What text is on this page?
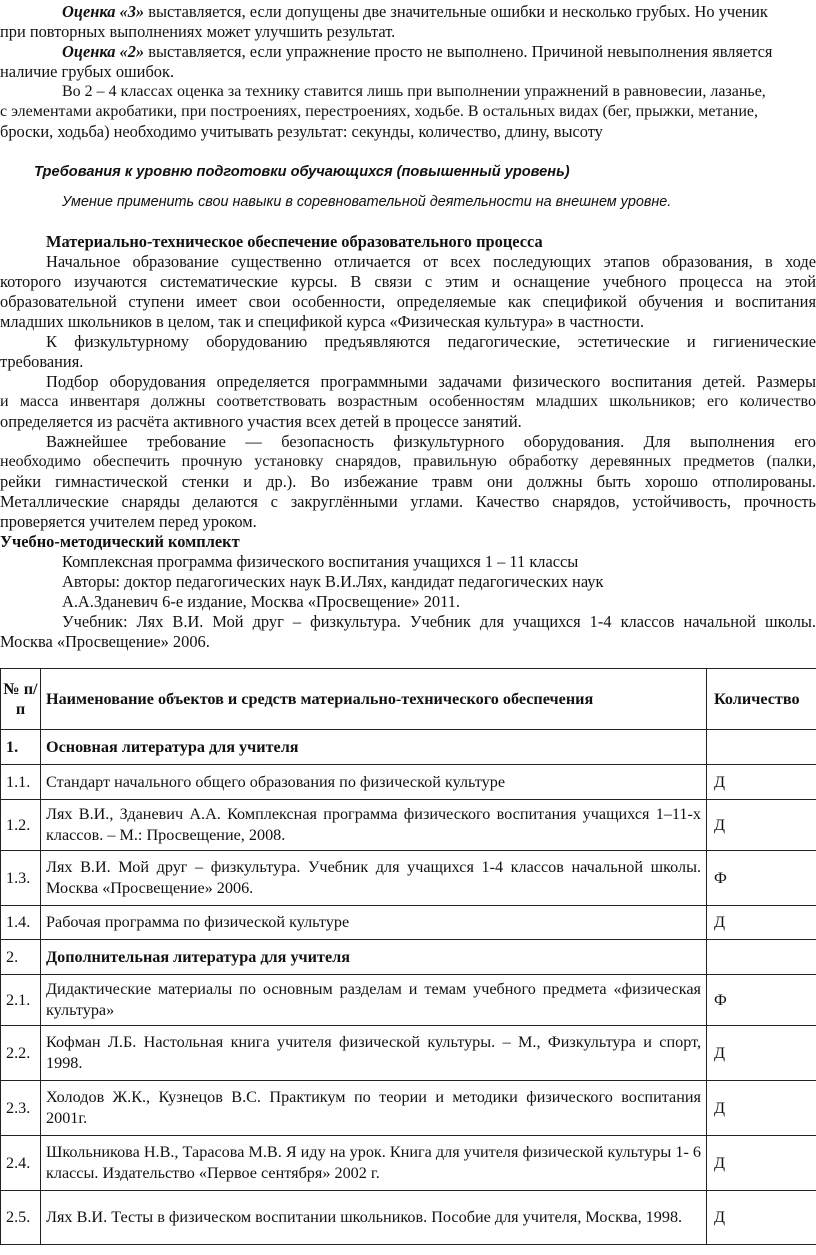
Оценка «3» выставляется, если допущены две значительные ошибки и несколько грубых. Но ученик
при повторных выполнениях может улучшить результат.
Оценка «2» выставляется, если упражнение просто не выполнено. Причиной невыполнения является
наличие грубых ошибок.
Во 2 – 4 классах оценка за технику ставится лишь при выполнении упражнений в равновесии, лазанье,
с элементами акробатики, при построениях, перестроениях, ходьбе. В остальных видах (бег, прыжки, метание,
броски, ходьба) необходимо учитывать результат: секунды, количество, длину, высоту
Требования к уровню подготовки обучающихся (повышенный уровень)
Умение применить свои навыки в соревновательной деятельности на внешнем уровне.
Материально-техническое обеспечение образовательного процесса
Начальное образование существенно отличается от всех последующих этапов образования, в ходе
которого изучаются систематические курсы. В связи с этим и оснащение учебного процесса на этой
образовательной ступени имеет свои особенности, определяемые как спецификой обучения и воспитания
младших школьников в целом, так и спецификой курса «Физическая культура» в частности.
К физкультурному оборудованию предъявляются педагогические, эстетические и гигиенические
требования.
Подбор оборудования определяется программными задачами физического воспитания детей. Размеры
и масса инвентаря должны соответствовать возрастным особенностям младших школьников; его количество
определяется из расчёта активного участия всех детей в процессе занятий.
Важнейшее требование — безопасность физкультурного оборудования. Для выполнения его
необходимо обеспечить прочную установку снарядов, правильную обработку деревянных предметов (палки,
рейки гимнастической стенки и др.). Во избежание травм они должны быть хорошо отполированы.
Металлические снаряды делаются с закруглёнными углами. Качество снарядов, устойчивость, прочность
проверяется учителем перед уроком.
Учебно-методический комплект
Комплексная программа физического воспитания учащихся 1 – 11 классы
Авторы: доктор педагогических наук В.И.Лях, кандидат педагогических наук
А.А.Зданевич 6-е издание, Москва «Просвещение» 2011.
Учебник: Лях В.И. Мой друг – физкультура. Учебник для учащихся 1-4 классов начальной школы.
Москва «Просвещение» 2006.
№ п/п	Наименование объектов и средств материально-технического обеспечения	Количество
1.	Основная литература для учителя	
1.1.	Стандарт начального общего образования по физической культуре	Д
1.2.	Лях В.И., Зданевич А.А. Комплексная программа физического воспитания учащихся 1–11-х классов. – М.: Просвещение, 2008.	Д
1.3.	Лях В.И. Мой друг – физкультура. Учебник для учащихся 1-4 классов начальной школы. Москва «Просвещение» 2006.	Ф
1.4.	Рабочая программа по физической культуре	Д
2.	Дополнительная литература для учителя	
2.1.	Дидактические материалы по основным разделам и темам учебного предмета «физическая культура»	Ф
2.2.	Кофман Л.Б. Настольная книга учителя физической культуры. – М., Физкультура и спорт, 1998.	Д
2.3.	Холодов Ж.К., Кузнецов В.С. Практикум по теории и методики физического воспитания 2001г.	Д
2.4.	Школьникова Н.В., Тарасова М.В. Я иду на урок. Книга для учителя физической культуры 1- 6 классы. Издательство «Первое сентября» 2002 г.	Д
2.5.	Лях В.И. Тесты в физическом воспитании школьников. Пособие для учителя, Москва, 1998.	Д
